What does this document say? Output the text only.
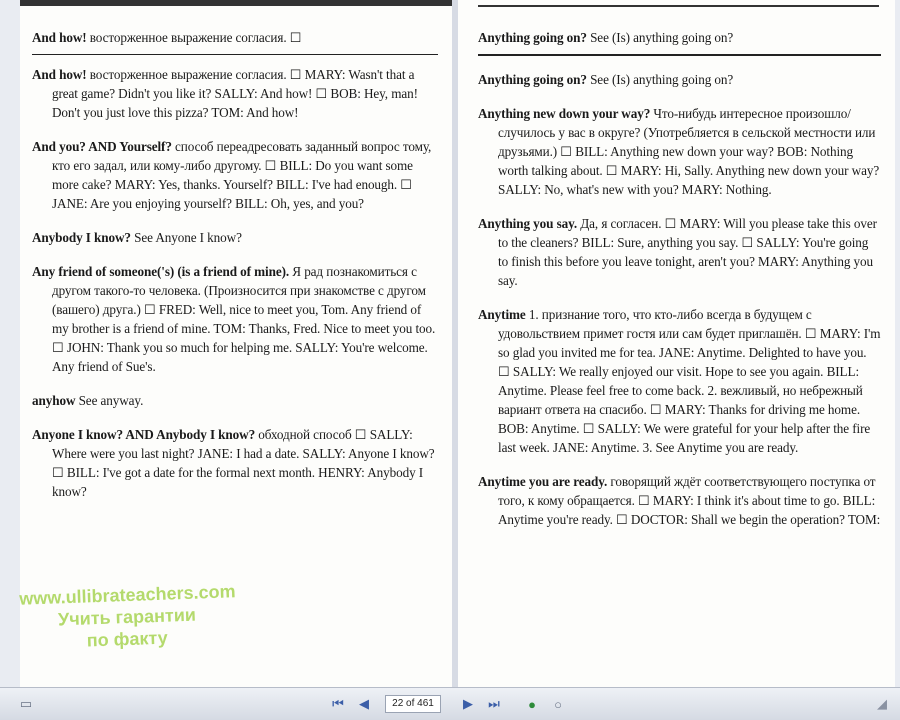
And how! восторженное выражение согласия. ☐
And how! восторженное выражение согласия. ☐ MARY: Wasn't that a great game? Didn't you like it? SALLY: And how! ☐ BOB: Hey, man! Don't you just love this pizza? TOM: And how!
And you? AND Yourself? способ переадресовать заданный вопрос тому, кто его задал, или кому-либо другому. ☐ BILL: Do you want some more cake? MARY: Yes, thanks. Yourself? BILL: I've had enough. ☐ JANE: Are you enjoying yourself? BILL: Oh, yes, and you?
Anybody I know? See Anyone I know?
Any friend of someone('s) (is a friend of mine). Я рад познакомиться с другом такого-то человека. (Произносится при знакомстве с другом (вашего) друга.) ☐ FRED: Well, nice to meet you, Tom. Any friend of my brother is a friend of mine. TOM: Thanks, Fred. Nice to meet you too. ☐ JOHN: Thank you so much for helping me. SALLY: You're welcome. Any friend of Sue's.
anyhow See anyway.
Anyone I know? AND Anybody I know? обходной способ ☐ SALLY: Where were you last night? JANE: I had a date. SALLY: Anyone I know? ☐ BILL: I've got a date for the formal next month. HENRY: Anybody I know?
Anything going on? See (Is) anything going on?
Anything going on? See (Is) anything going on?
Anything new down your way? Что-нибудь интересное произошло/случилось у вас в округе? (Употребляется в сельской местности или друзьями.) ☐ BILL: Anything new down your way? BOB: Nothing worth talking about. ☐ MARY: Hi, Sally. Anything new down your way? SALLY: No, what's new with you? MARY: Nothing.
Anything you say. Да, я согласен. ☐ MARY: Will you please take this over to the cleaners? BILL: Sure, anything you say. ☐ SALLY: You're going to finish this before you leave tonight, aren't you? MARY: Anything you say.
Anytime 1. признание того, что кто-либо всегда в будущем с удовольствием примет гостя или сам будет приглашён. ☐ MARY: I'm so glad you invited me for tea. JANE: Anytime. Delighted to have you. ☐ SALLY: We really enjoyed our visit. Hope to see you again. BILL: Anytime. Please feel free to come back. 2. вежливый, но небрежный вариант ответа на спасибо. ☐ MARY: Thanks for driving me home. BOB: Anytime. ☐ SALLY: We were grateful for your help after the fire last week. JANE: Anytime. 3. See Anytime you are ready.
Anytime you are ready. говорящий ждёт соответствующего поступка от того, к кому обращается. ☐ MARY: I think it's about time to go. BILL: Anytime you're ready. ☐ DOCTOR: Shall we begin the operation? TOM:
www.ullibrateachers.com
Учить гарантии
по факту
▭	⏮	◀	22 of 461	▶	⏭	●	○	◢
